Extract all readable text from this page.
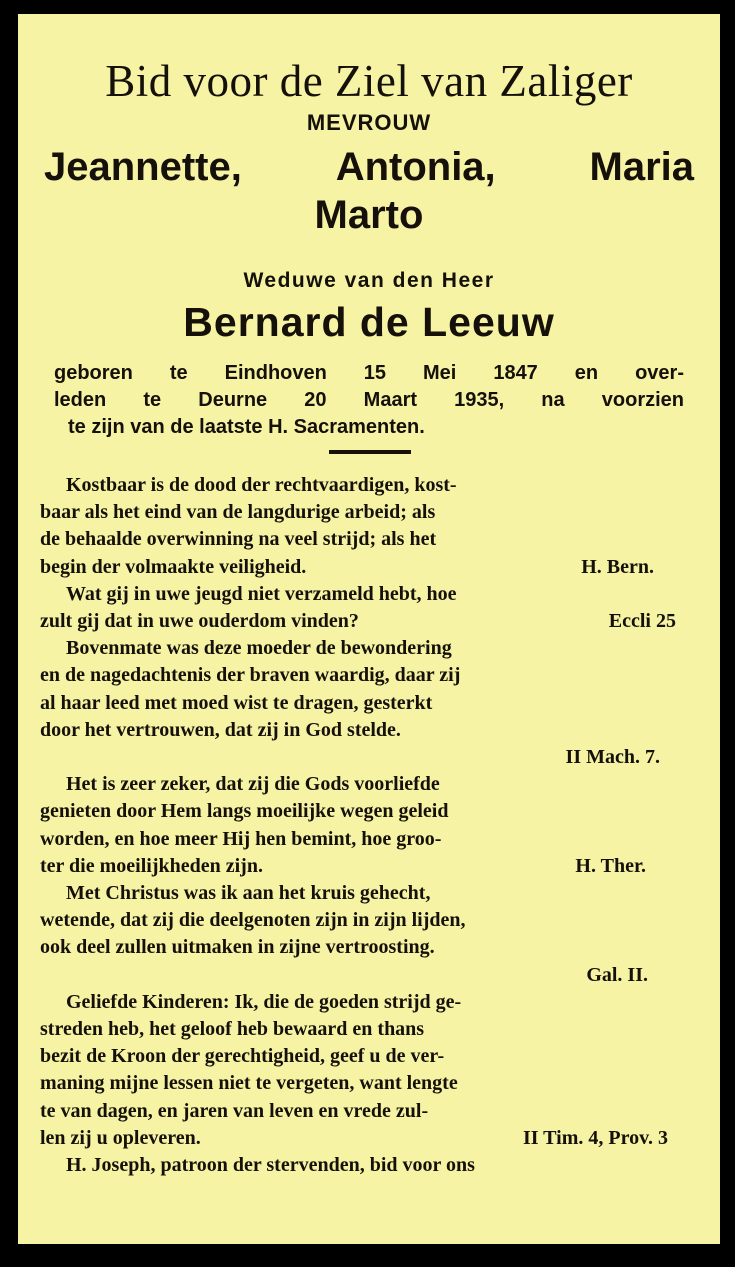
Bid voor de Ziel van Zaliger
MEVROUW
Jeannette, Antonia, Maria
Marto
Weduwe van den Heer
Bernard de Leeuw
geboren te Eindhoven 15 Mei 1847 en over-
leden te Deurne 20 Maart 1935, na voorzien
te zijn van de laatste H. Sacramenten.
Kostbaar is de dood der rechtvaardigen, kost-
baar als het eind van de langdurige arbeid; als
de behaalde overwinning na veel strijd; als het
begin der volmaakte veiligheid.	H. Bern.
Wat gij in uwe jeugd niet verzameld hebt, hoe
zult gij dat in uwe ouderdom vinden?	Eccli 25
Bovenmate was deze moeder de bewondering
en de nagedachtenis der braven waardig, daar zij
al haar leed met moed wist te dragen, gesterkt
door het vertrouwen, dat zij in God stelde.
II Mach. 7.
Het is zeer zeker, dat zij die Gods voorliefde
genieten door Hem langs moeilijke wegen geleid
worden, en hoe meer Hij hen bemint, hoe groo-
ter die moeilijkheden zijn.	H. Ther.
Met Christus was ik aan het kruis gehecht,
wetende, dat zij die deelgenoten zijn in zijn lijden,
ook deel zullen uitmaken in zijne vertroosting.
Gal. II.
Geliefde Kinderen: Ik, die de goeden strijd ge-
streden heb, het geloof heb bewaard en thans
bezit de Kroon der gerechtigheid, geef u de ver-
maning mijne lessen niet te vergeten, want lengte
te van dagen, en jaren van leven en vrede zul-
len zij u opleveren.	II Tim. 4, Prov. 3
H. Joseph, patroon der stervenden, bid voor ons
